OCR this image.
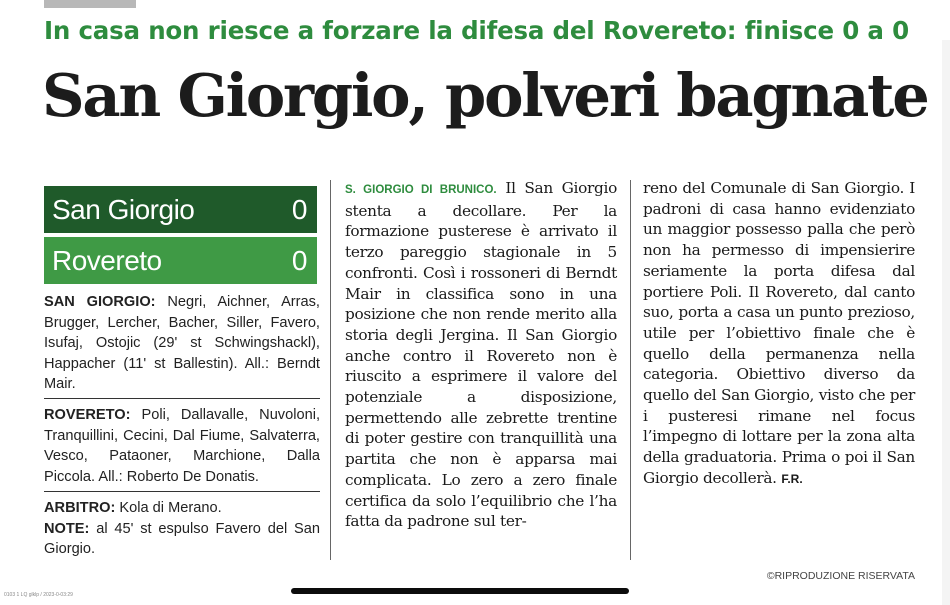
In casa non riesce a forzare la difesa del Rovereto: finisce 0 a 0
San Giorgio, polveri bagnate
San Giorgio	0
Rovereto	0
SAN GIORGIO: Negri, Aichner, Arras, Brugger, Lercher, Bacher, Siller, Favero, Isufaj, Ostojic (29' st Schwingshackl), Happacher (11' st Ballestin). All.: Berndt Mair.
ROVERETO: Poli, Dallavalle, Nuvoloni, Tranquillini, Cecini, Dal Fiume, Salvaterra, Vesco, Pataoner, Marchione, Dalla Piccola. All.: Roberto De Donatis.
ARBITRO: Kola di Merano.
NOTE: al 45' st espulso Favero del San Giorgio.
S. GIORGIO DI BRUNICO. Il San Giorgio stenta a decollare. Per la formazione pusterese è arrivato il terzo pareggio stagionale in 5 confronti. Così i rossoneri di Berndt Mair in classifica sono in una posizione che non rende merito alla storia degli Jergina. Il San Giorgio anche contro il Rovereto non è riuscito a esprimere il valore del potenziale a disposizione, permettendo alle zebrette trentine di poter gestire con tranquillità una partita che non è apparsa mai complicata. Lo zero a zero finale certifica da solo l’equilibrio che l’ha fatta da padrone sul ter-
reno del Comunale di San Giorgio. I padroni di casa hanno evidenziato un maggior possesso palla che però non ha permesso di impensierire seriamente la porta difesa dal portiere Poli. Il Rovereto, dal canto suo, porta a casa un punto prezioso, utile per l’obiettivo finale che è quello della permanenza nella categoria. Obiettivo diverso da quello del San Giorgio, visto che per i pusteresi rimane nel focus l’impegno di lottare per la zona alta della graduatoria. Prima o poi il San Giorgio decollerà. F.R.
©RIPRODUZIONE RISERVATA
0103 1 LQ glklp / 2023-0-03:29
